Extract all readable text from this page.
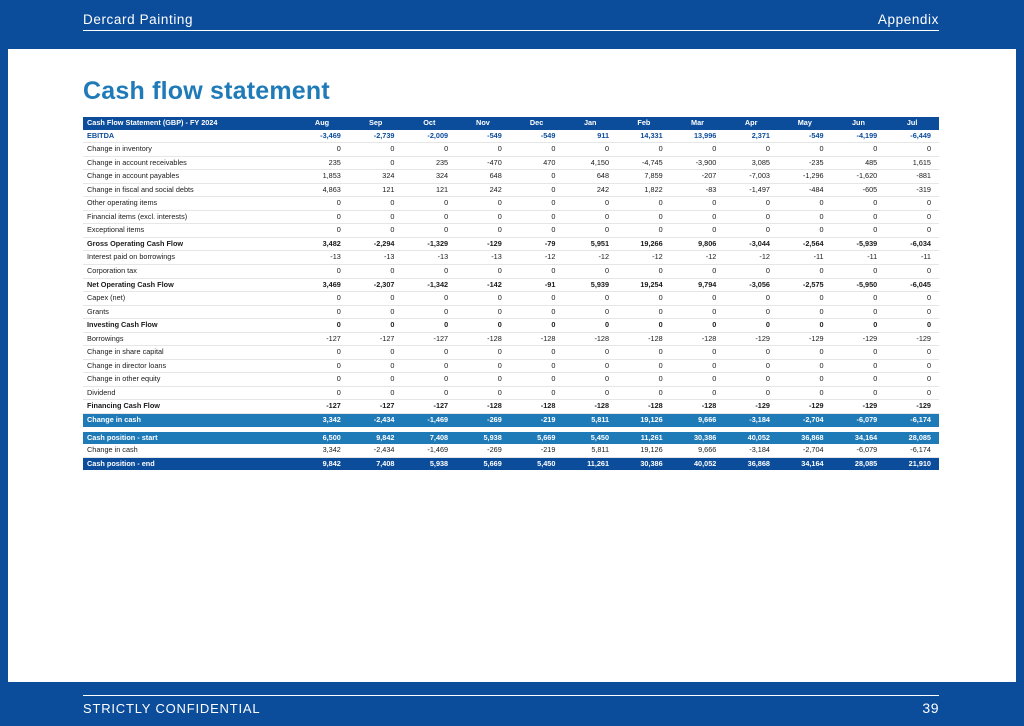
Dercard Painting	Appendix
Cash flow statement
Cash Flow Statement (GBP) - FY 2024	Aug	Sep	Oct	Nov	Dec	Jan	Feb	Mar	Apr	May	Jun	Jul
EBITDA	-3,469	-2,739	-2,009	-549	-549	911	14,331	13,996	2,371	-549	-4,199	-6,449
Change in inventory	0	0	0	0	0	0	0	0	0	0	0	0
Change in account receivables	235	0	235	-470	470	4,150	-4,745	-3,900	3,085	-235	485	1,615
Change in account payables	1,853	324	324	648	0	648	7,859	-207	-7,003	-1,296	-1,620	-881
Change in fiscal and social debts	4,863	121	121	242	0	242	1,822	-83	-1,497	-484	-605	-319
Other operating items	0	0	0	0	0	0	0	0	0	0	0	0
Financial items (excl. interests)	0	0	0	0	0	0	0	0	0	0	0	0
Exceptional items	0	0	0	0	0	0	0	0	0	0	0	0
Gross Operating Cash Flow	3,482	-2,294	-1,329	-129	-79	5,951	19,266	9,806	-3,044	-2,564	-5,939	-6,034
Interest paid on borrowings	-13	-13	-13	-13	-12	-12	-12	-12	-12	-11	-11	-11
Corporation tax	0	0	0	0	0	0	0	0	0	0	0	0
Net Operating Cash Flow	3,469	-2,307	-1,342	-142	-91	5,939	19,254	9,794	-3,056	-2,575	-5,950	-6,045
Capex (net)	0	0	0	0	0	0	0	0	0	0	0	0
Grants	0	0	0	0	0	0	0	0	0	0	0	0
Investing Cash Flow	0	0	0	0	0	0	0	0	0	0	0	0
Borrowings	-127	-127	-127	-128	-128	-128	-128	-128	-129	-129	-129	-129
Change in share capital	0	0	0	0	0	0	0	0	0	0	0	0
Change in director loans	0	0	0	0	0	0	0	0	0	0	0	0
Change in other equity	0	0	0	0	0	0	0	0	0	0	0	0
Dividend	0	0	0	0	0	0	0	0	0	0	0	0
Financing Cash Flow	-127	-127	-127	-128	-128	-128	-128	-128	-129	-129	-129	-129
Change in cash	3,342	-2,434	-1,469	-269	-219	5,811	19,126	9,666	-3,184	-2,704	-6,079	-6,174

Cash position - start	6,500	9,842	7,408	5,938	5,669	5,450	11,261	30,386	40,052	36,868	34,164	28,085
Change in cash	3,342	-2,434	-1,469	-269	-219	5,811	19,126	9,666	-3,184	-2,704	-6,079	-6,174
Cash position - end	9,842	7,408	5,938	5,669	5,450	11,261	30,386	40,052	36,868	34,164	28,085	21,910
STRICTLY CONFIDENTIAL	39
